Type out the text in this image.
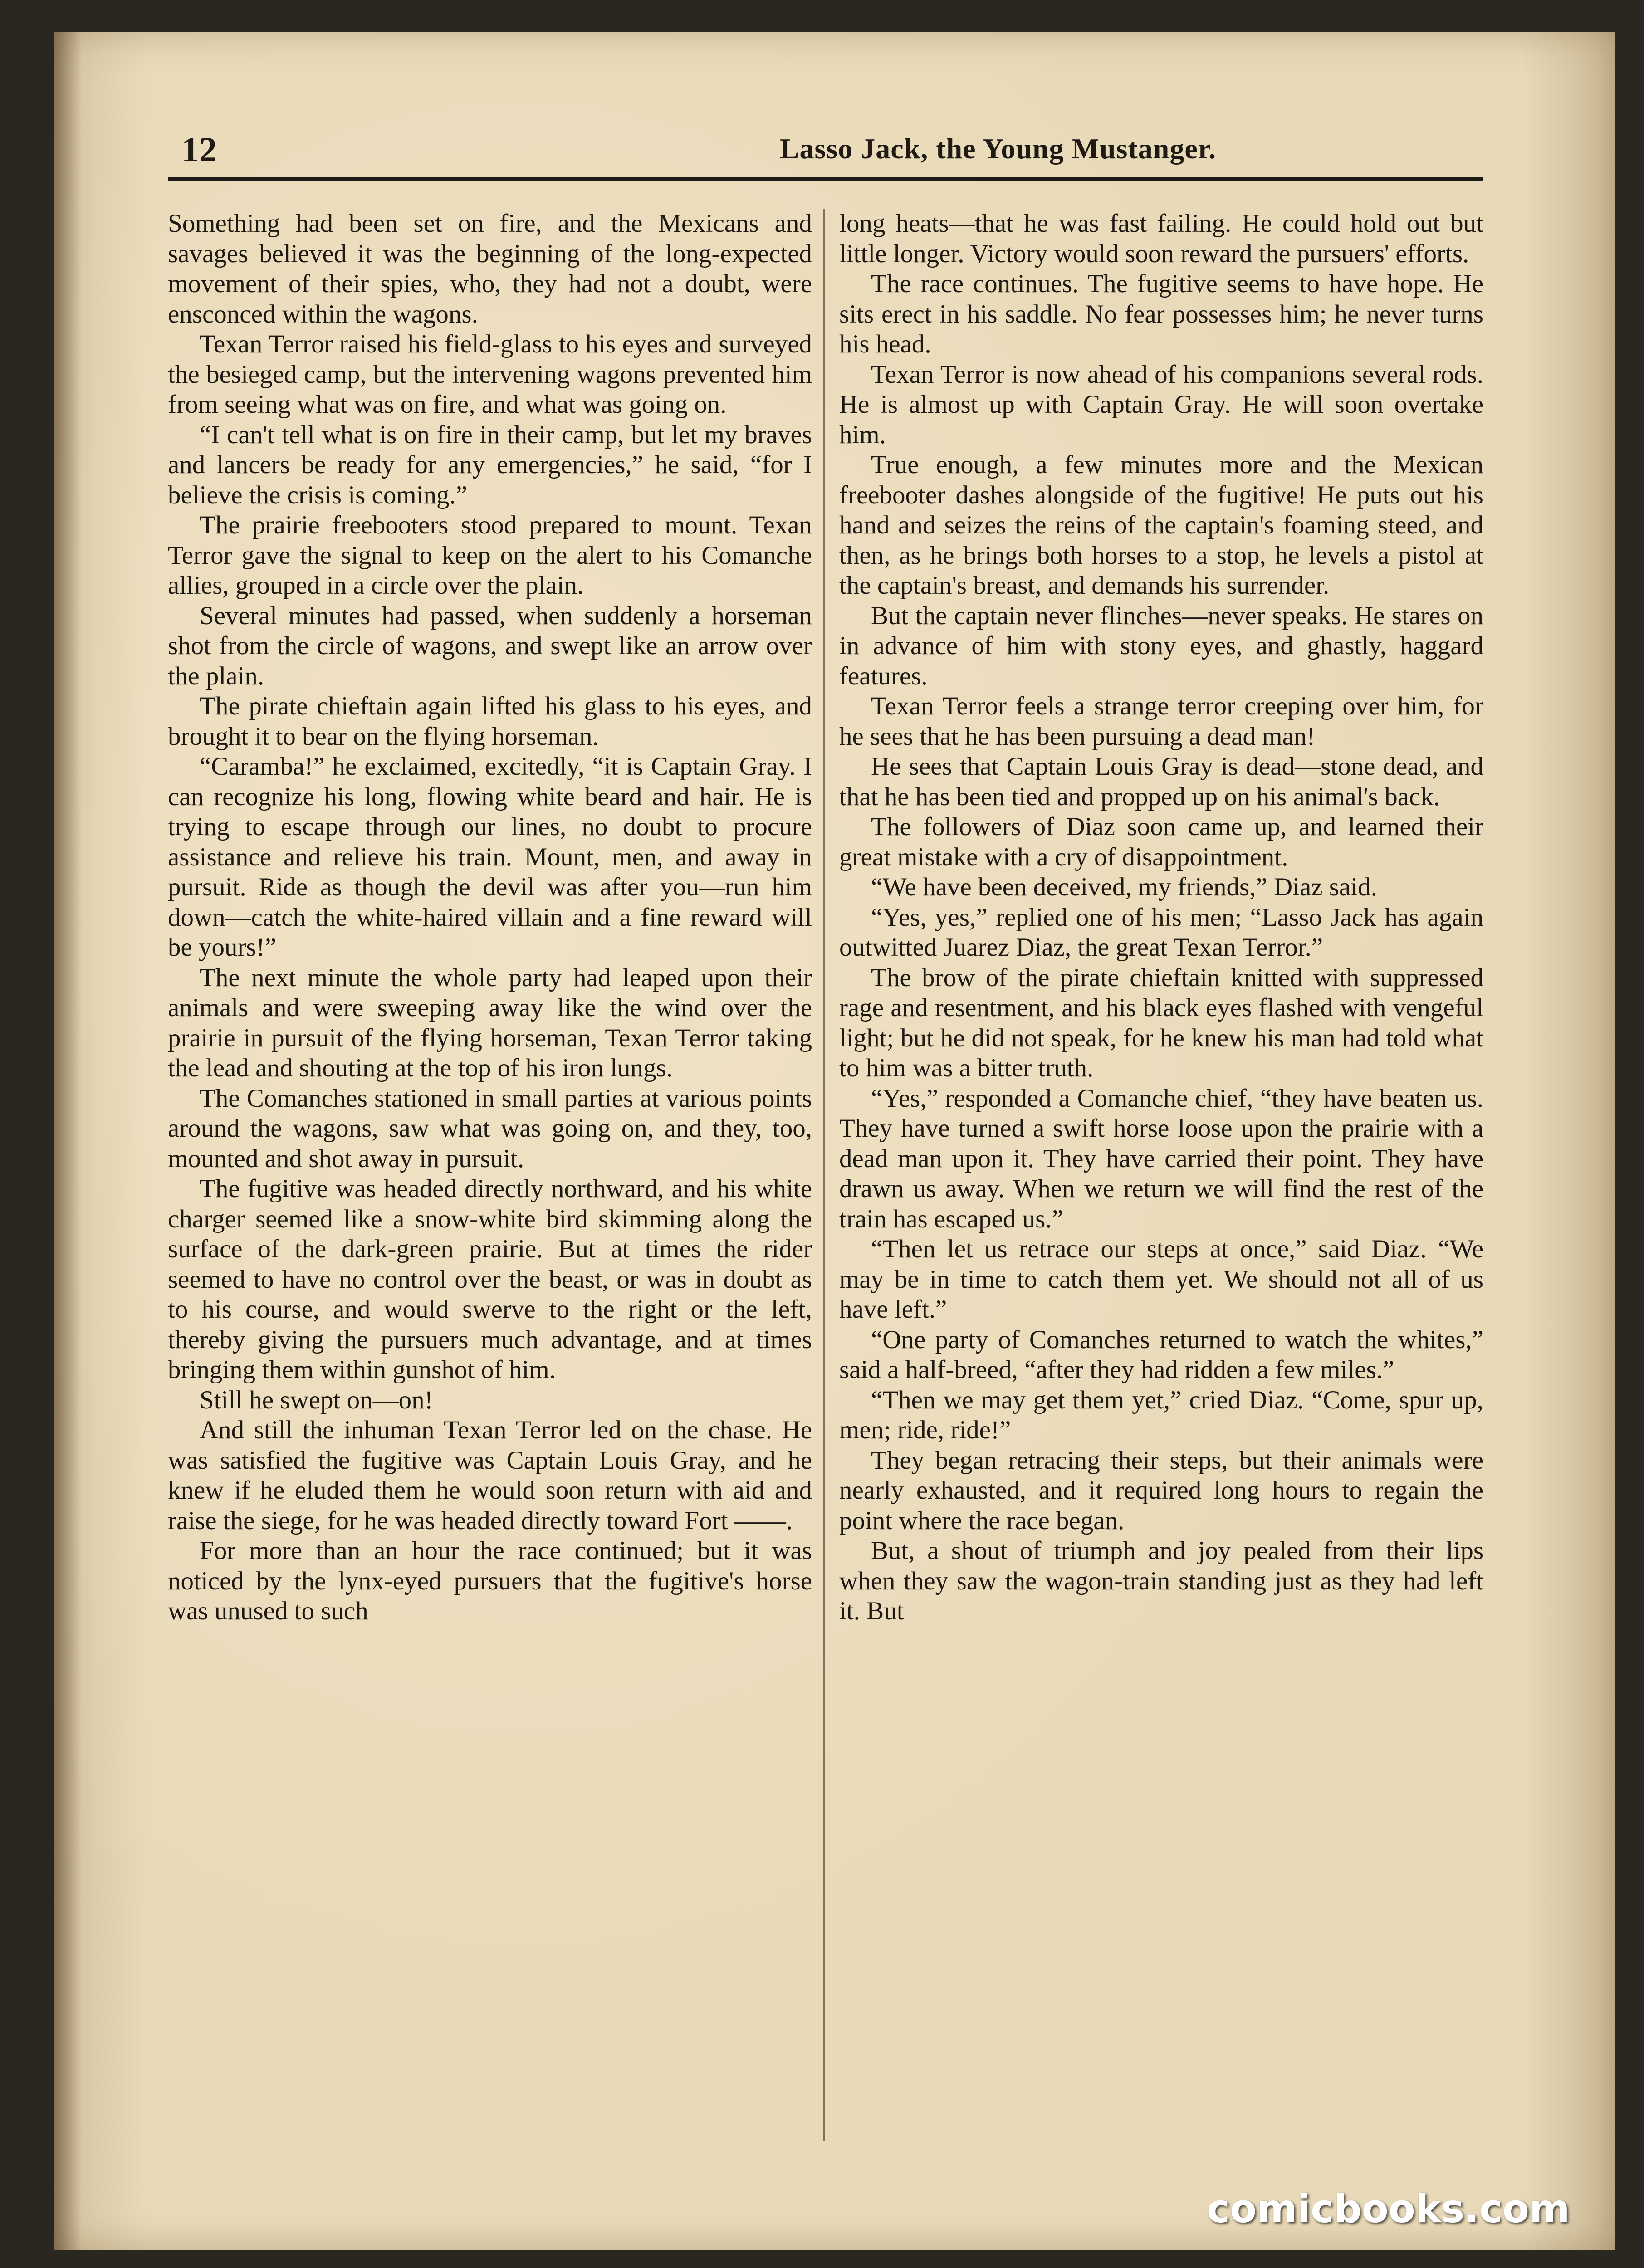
12	Lasso Jack, the Young Mustanger.

Something had been set on fire, and the Mexicans and savages believed it was the beginning of the long-expected movement of their spies, who, they had not a doubt, were ensconced within the wagons.

Texan Terror raised his field-glass to his eyes and surveyed the besieged camp, but the intervening wagons prevented him from seeing what was on fire, and what was going on.

“I can't tell what is on fire in their camp, but let my braves and lancers be ready for any emergencies,” he said, “for I believe the crisis is coming.”

The prairie freebooters stood prepared to mount. Texan Terror gave the signal to keep on the alert to his Comanche allies, grouped in a circle over the plain.

Several minutes had passed, when suddenly a horseman shot from the circle of wagons, and swept like an arrow over the plain.

The pirate chieftain again lifted his glass to his eyes, and brought it to bear on the flying horseman.

“Caramba!” he exclaimed, excitedly, “it is Captain Gray. I can recognize his long, flowing white beard and hair. He is trying to escape through our lines, no doubt to procure assistance and relieve his train. Mount, men, and away in pursuit. Ride as though the devil was after you—run him down—catch the white-haired villain and a fine reward will be yours!”

The next minute the whole party had leaped upon their animals and were sweeping away like the wind over the prairie in pursuit of the flying horseman, Texan Terror taking the lead and shouting at the top of his iron lungs.

The Comanches stationed in small parties at various points around the wagons, saw what was going on, and they, too, mounted and shot away in pursuit.

The fugitive was headed directly northward, and his white charger seemed like a snow-white bird skimming along the surface of the dark-green prairie. But at times the rider seemed to have no control over the beast, or was in doubt as to his course, and would swerve to the right or the left, thereby giving the pursuers much advantage, and at times bringing them within gunshot of him.

Still he swept on—on!

And still the inhuman Texan Terror led on the chase. He was satisfied the fugitive was Captain Louis Gray, and he knew if he eluded them he would soon return with aid and raise the siege, for he was headed directly toward Fort ——.

For more than an hour the race continued; but it was noticed by the lynx-eyed pursuers that the fugitive's horse was unused to such

long heats—that he was fast failing. He could hold out but little longer. Victory would soon reward the pursuers' efforts.

The race continues. The fugitive seems to have hope. He sits erect in his saddle. No fear possesses him; he never turns his head.

Texan Terror is now ahead of his companions several rods. He is almost up with Captain Gray. He will soon overtake him.

True enough, a few minutes more and the Mexican freebooter dashes alongside of the fugitive! He puts out his hand and seizes the reins of the captain's foaming steed, and then, as he brings both horses to a stop, he levels a pistol at the captain's breast, and demands his surrender.

But the captain never flinches—never speaks. He stares on in advance of him with stony eyes, and ghastly, haggard features.

Texan Terror feels a strange terror creeping over him, for he sees that he has been pursuing a dead man!

He sees that Captain Louis Gray is dead—stone dead, and that he has been tied and propped up on his animal's back.

The followers of Diaz soon came up, and learned their great mistake with a cry of disappointment.

“We have been deceived, my friends,” Diaz said.

“Yes, yes,” replied one of his men; “Lasso Jack has again outwitted Juarez Diaz, the great Texan Terror.”

The brow of the pirate chieftain knitted with suppressed rage and resentment, and his black eyes flashed with vengeful light; but he did not speak, for he knew his man had told what to him was a bitter truth.

“Yes,” responded a Comanche chief, “they have beaten us. They have turned a swift horse loose upon the prairie with a dead man upon it. They have carried their point. They have drawn us away. When we return we will find the rest of the train has escaped us.”

“Then let us retrace our steps at once,” said Diaz. “We may be in time to catch them yet. We should not all of us have left.”

“One party of Comanches returned to watch the whites,” said a half-breed, “after they had ridden a few miles.”

“Then we may get them yet,” cried Diaz. “Come, spur up, men; ride, ride!”

They began retracing their steps, but their animals were nearly exhausted, and it required long hours to regain the point where the race began.

But, a shout of triumph and joy pealed from their lips when they saw the wagon-train standing just as they had left it. But

comicbooks.com
